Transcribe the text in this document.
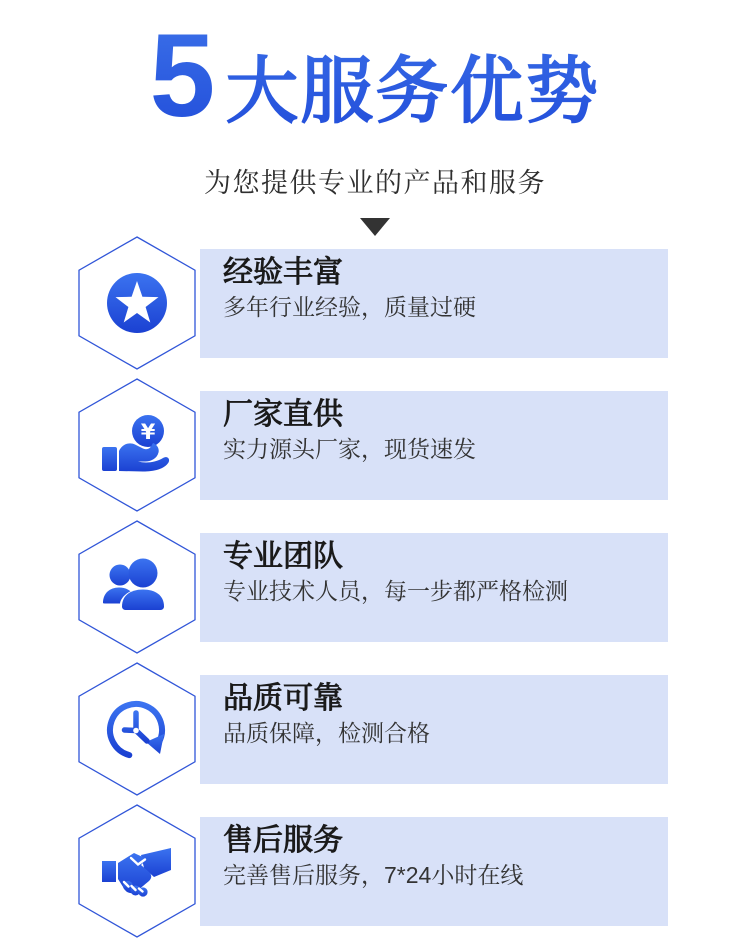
5 大服务优势

为您提供专业的产品和服务

经验丰富

多年行业经验，质量过硬

¥
厂家直供

实力源头厂家，现货速发

专业团队

专业技术人员，每一步都严格检测

品质可靠

品质保障，检测合格

售后服务

完善售后服务，7*24小时在线
